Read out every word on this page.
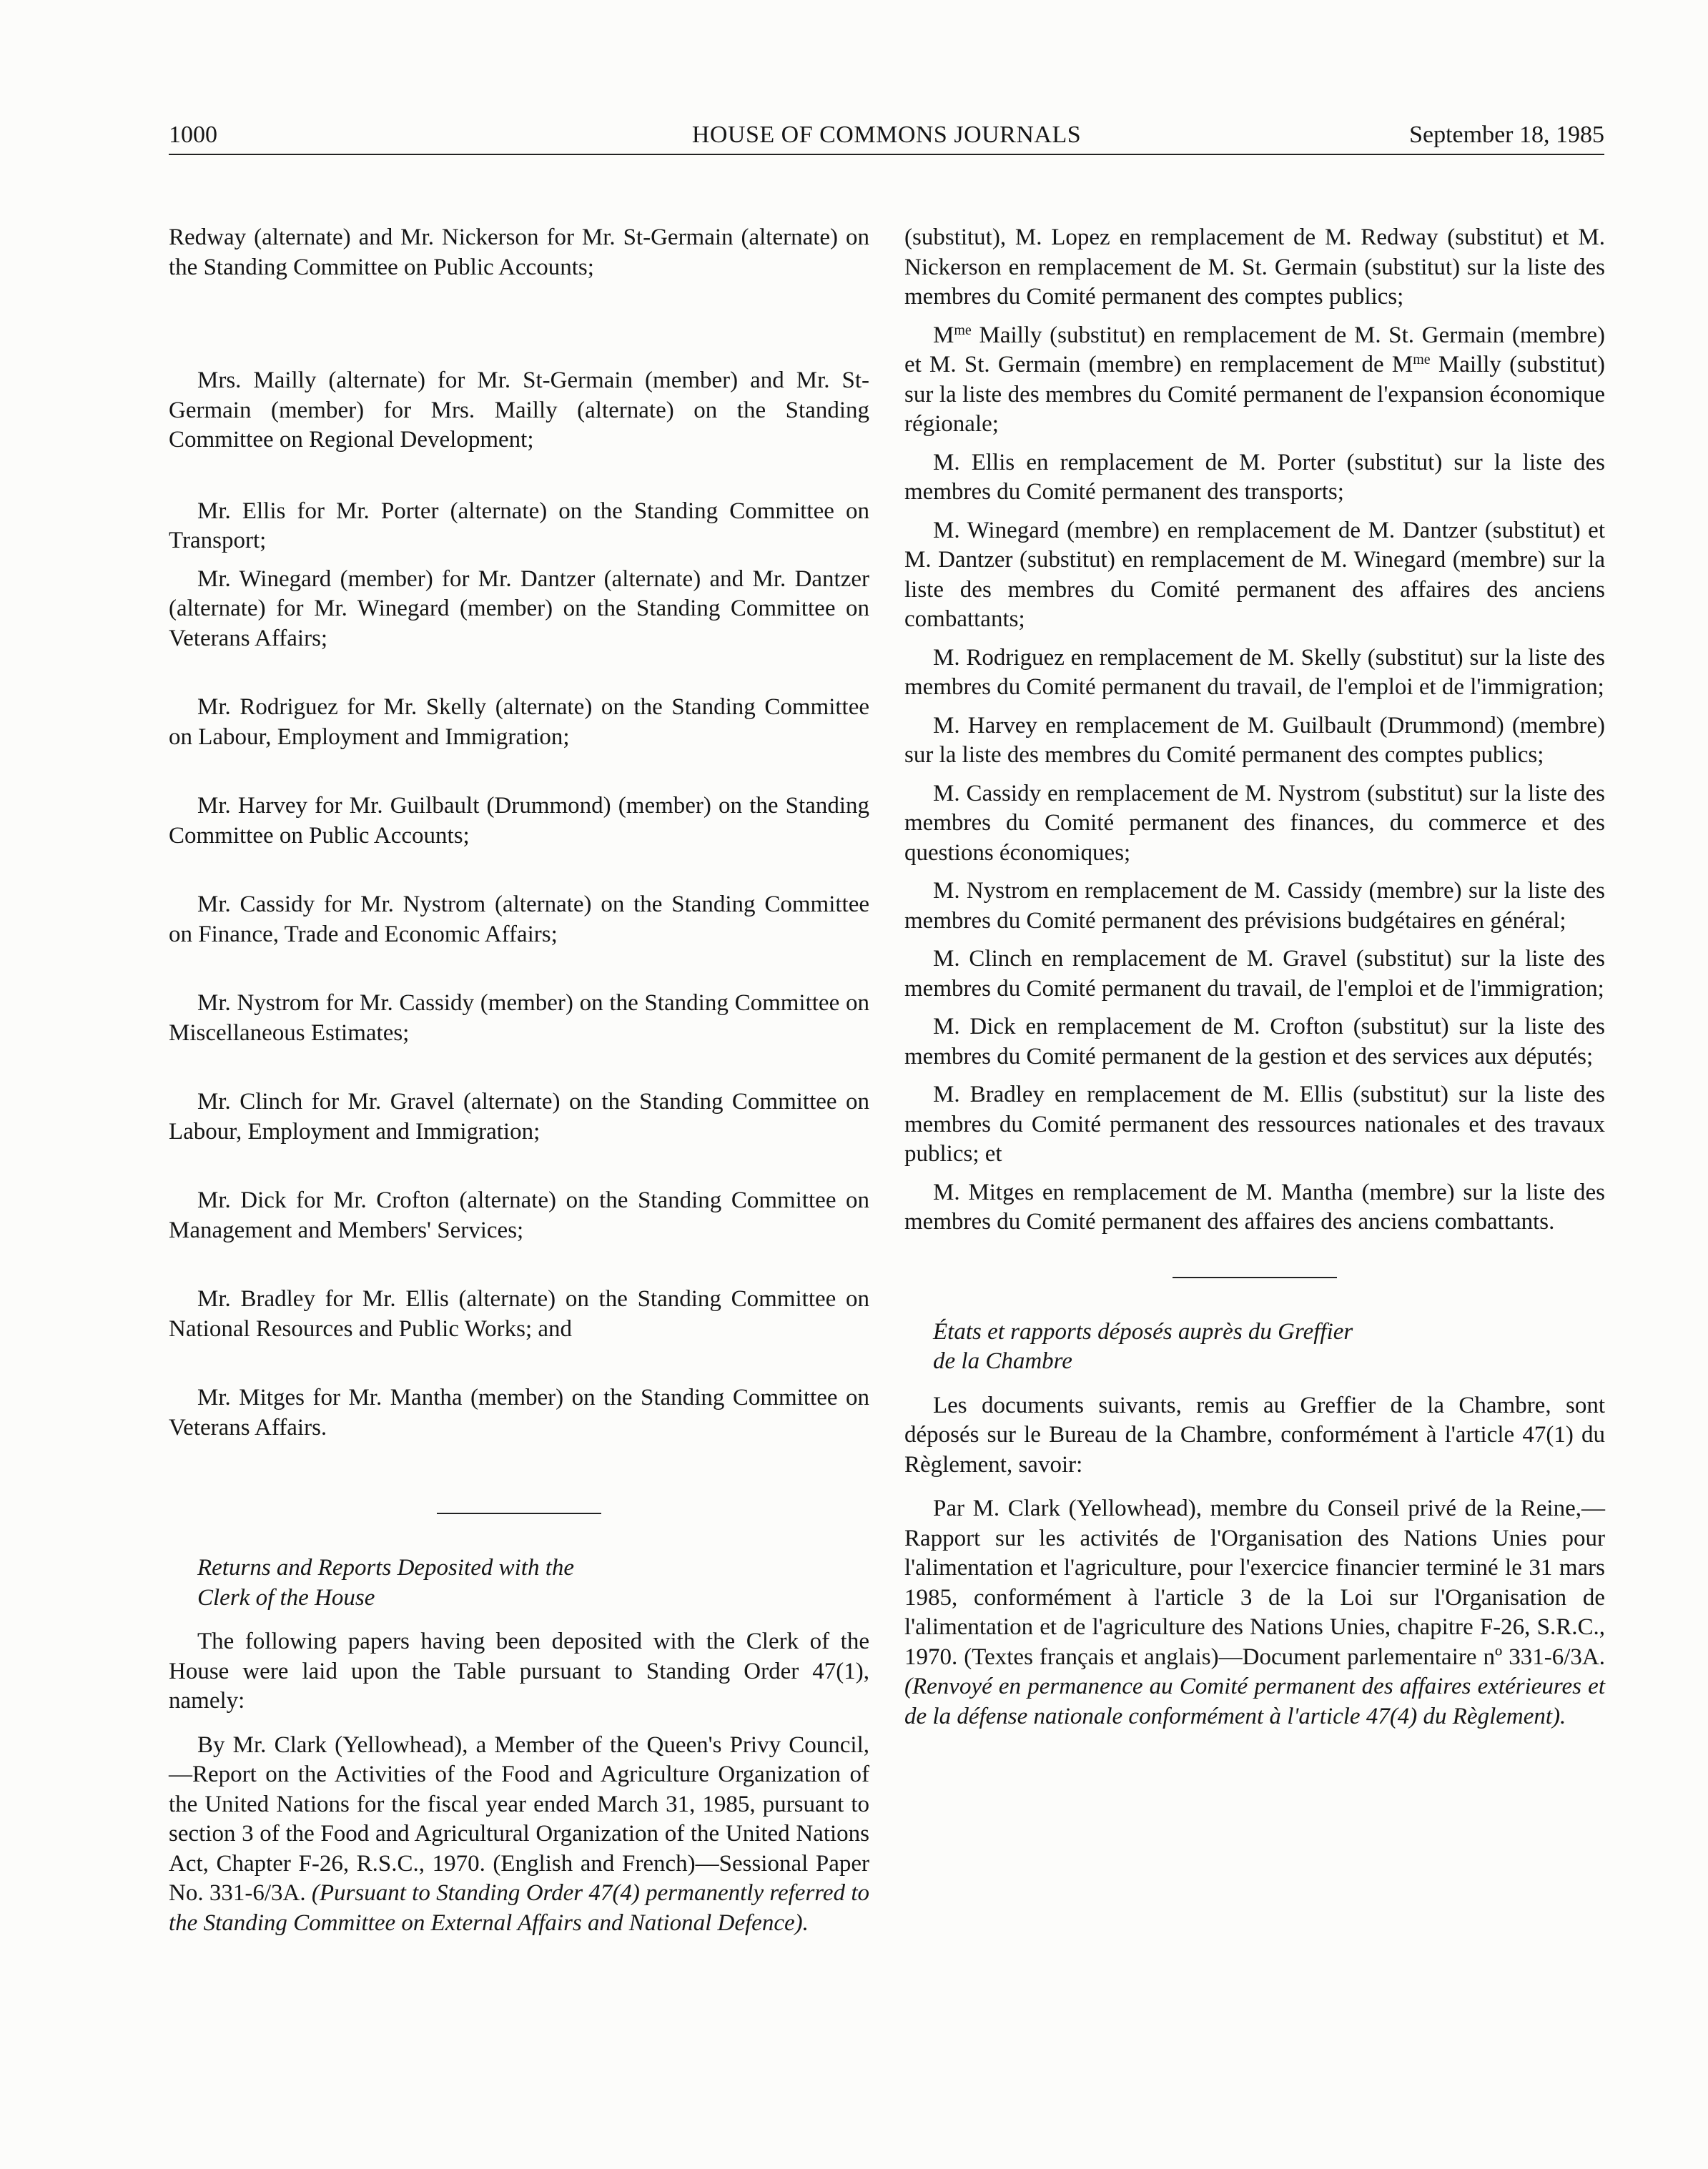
1000	HOUSE OF COMMONS JOURNALS	September 18, 1985

Redway (alternate) and Mr. Nickerson for Mr. St-Germain (alternate) on the Standing Committee on Public Accounts;

Mrs. Mailly (alternate) for Mr. St-Germain (member) and Mr. St-Germain (member) for Mrs. Mailly (alternate) on the Standing Committee on Regional Development;

Mr. Ellis for Mr. Porter (alternate) on the Standing Committee on Transport;

Mr. Winegard (member) for Mr. Dantzer (alternate) and Mr. Dantzer (alternate) for Mr. Winegard (member) on the Standing Committee on Veterans Affairs;

Mr. Rodriguez for Mr. Skelly (alternate) on the Standing Committee on Labour, Employment and Immigration;

Mr. Harvey for Mr. Guilbault (Drummond) (member) on the Standing Committee on Public Accounts;

Mr. Cassidy for Mr. Nystrom (alternate) on the Standing Committee on Finance, Trade and Economic Affairs;

Mr. Nystrom for Mr. Cassidy (member) on the Standing Committee on Miscellaneous Estimates;

Mr. Clinch for Mr. Gravel (alternate) on the Standing Committee on Labour, Employment and Immigration;

Mr. Dick for Mr. Crofton (alternate) on the Standing Committee on Management and Members' Services;

Mr. Bradley for Mr. Ellis (alternate) on the Standing Committee on National Resources and Public Works; and

Mr. Mitges for Mr. Mantha (member) on the Standing Committee on Veterans Affairs.

Returns and Reports Deposited with the

Clerk of the House

The following papers having been deposited with the Clerk of the House were laid upon the Table pursuant to Standing Order 47(1), namely:

By Mr. Clark (Yellowhead), a Member of the Queen's Privy Council,—Report on the Activities of the Food and Agriculture Organization of the United Nations for the fiscal year ended March 31, 1985, pursuant to section 3 of the Food and Agricultural Organization of the United Nations Act, Chapter F-26, R.S.C., 1970. (English and French)—Sessional Paper No. 331-6/3A. (Pursuant to Standing Order 47(4) permanently referred to the Standing Committee on External Affairs and National Defence).

(substitut), M. Lopez en remplacement de M. Redway (substitut) et M. Nickerson en remplacement de M. St. Germain (substitut) sur la liste des membres du Comité permanent des comptes publics;

$M^{me}$ Mailly (substitut) en remplacement de M. St. Germain (membre) et M. St. Germain (membre) en remplacement de $M^{me}$ Mailly (substitut) sur la liste des membres du Comité permanent de l'expansion économique régionale;

M. Ellis en remplacement de M. Porter (substitut) sur la liste des membres du Comité permanent des transports;

M. Winegard (membre) en remplacement de M. Dantzer (substitut) et M. Dantzer (substitut) en remplacement de M. Winegard (membre) sur la liste des membres du Comité permanent des affaires des anciens combattants;

M. Rodriguez en remplacement de M. Skelly (substitut) sur la liste des membres du Comité permanent du travail, de l'emploi et de l'immigration;

M. Harvey en remplacement de M. Guilbault (Drummond) (membre) sur la liste des membres du Comité permanent des comptes publics;

M. Cassidy en remplacement de M. Nystrom (substitut) sur la liste des membres du Comité permanent des finances, du commerce et des questions économiques;

M. Nystrom en remplacement de M. Cassidy (membre) sur la liste des membres du Comité permanent des prévisions budgétaires en général;

M. Clinch en remplacement de M. Gravel (substitut) sur la liste des membres du Comité permanent du travail, de l'emploi et de l'immigration;

M. Dick en remplacement de M. Crofton (substitut) sur la liste des membres du Comité permanent de la gestion et des services aux députés;

M. Bradley en remplacement de M. Ellis (substitut) sur la liste des membres du Comité permanent des ressources nationales et des travaux publics; et

M. Mitges en remplacement de M. Mantha (membre) sur la liste des membres du Comité permanent des affaires des anciens combattants.

États et rapports déposés auprès du Greffier

de la Chambre

Les documents suivants, remis au Greffier de la Chambre, sont déposés sur le Bureau de la Chambre, conformément à l'article 47(1) du Règlement, savoir:

Par M. Clark (Yellowhead), membre du Conseil privé de la Reine,—Rapport sur les activités de l'Organisation des Nations Unies pour l'alimentation et l'agriculture, pour l'exercice financier terminé le 31 mars 1985, conformément à l'article 3 de la Loi sur l'Organisation de l'alimentation et de l'agriculture des Nations Unies, chapitre F-26, S.R.C., 1970. (Textes français et anglais)—Document parlementaire nº 331-6/3A. (Renvoyé en permanence au Comité permanent des affaires extérieures et de la défense nationale conformément à l'article 47(4) du Règlement).
